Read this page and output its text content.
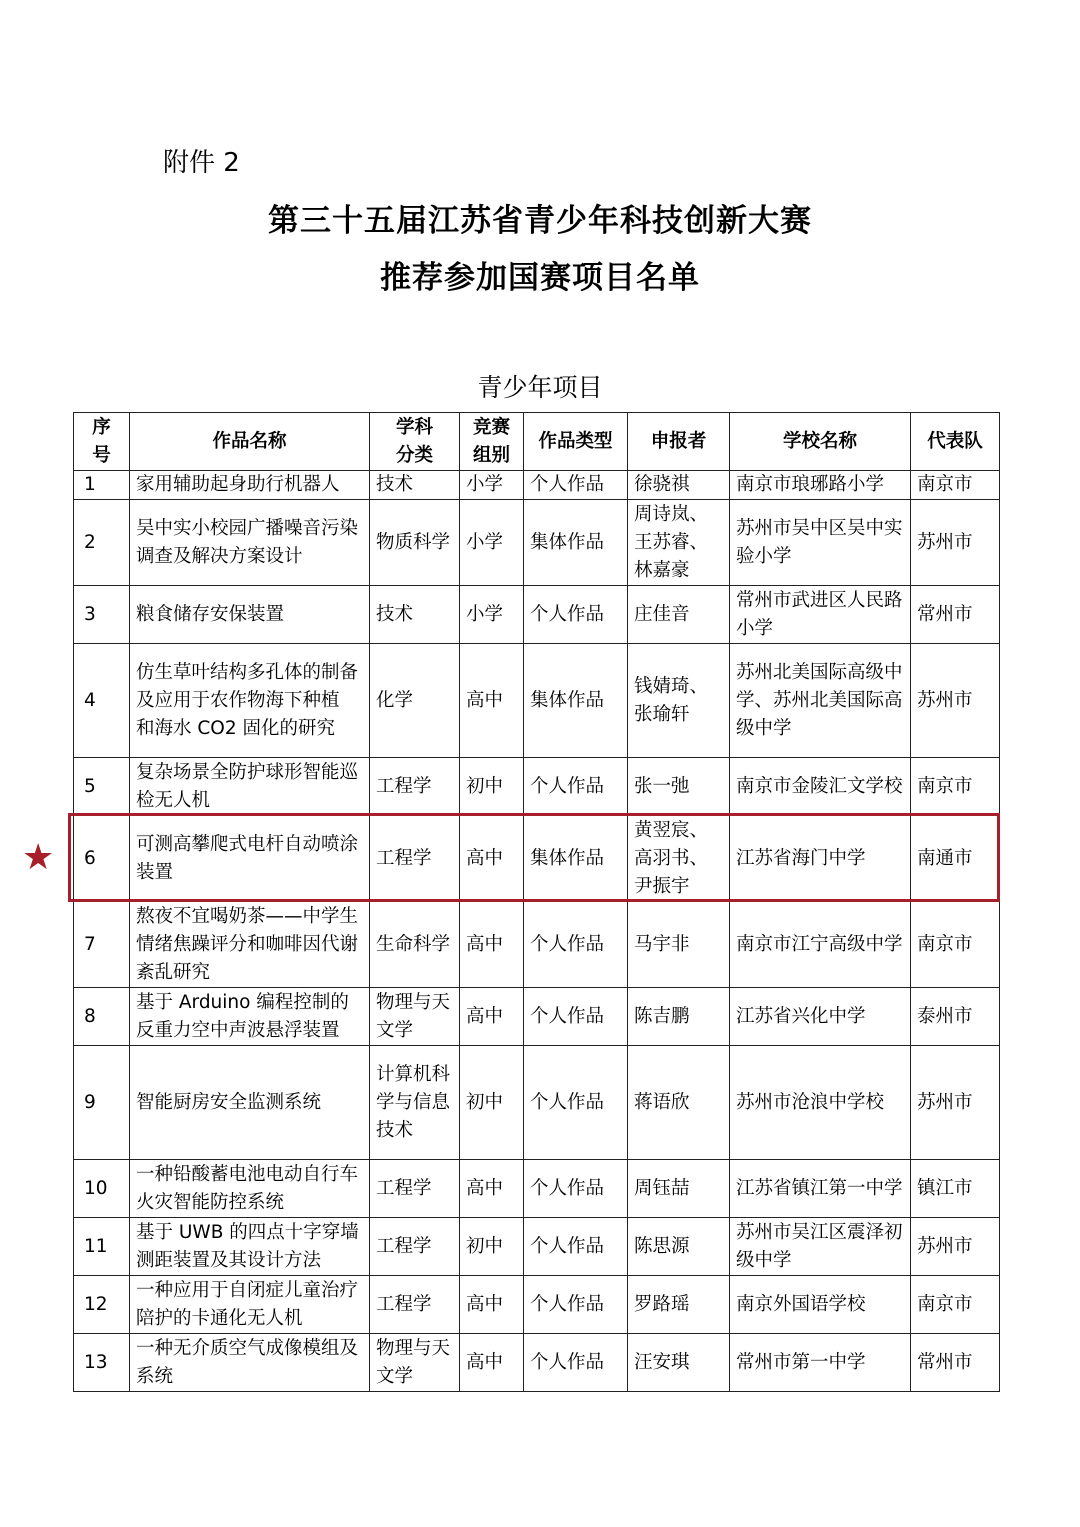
附件 2
第三十五届江苏省青少年科技创新大赛
推荐参加国赛项目名单
青少年项目
序号	作品名称	学科分类	竞赛组别	作品类型	申报者	学校名称	代表队
1	家用辅助起身助行机器人	技术	小学	个人作品	徐骁祺	南京市琅琊路小学	南京市
2	吴中实小校园广播噪音污染调查及解决方案设计	物质科学	小学	集体作品	周诗岚、王苏睿、林嘉豪	苏州市吴中区吴中实验小学	苏州市
3	粮食储存安保装置	技术	小学	个人作品	庄佳音	常州市武进区人民路小学	常州市
4	仿生草叶结构多孔体的制备及应用于农作物海下种植 和海水 CO2 固化的研究	化学	高中	集体作品	钱婧琦、张瑜轩	苏州北美国际高级中学、苏州北美国际高级中学	苏州市
5	复杂场景全防护球形智能巡检无人机	工程学	初中	个人作品	张一弛	南京市金陵汇文学校	南京市
6	可测高攀爬式电杆自动喷涂装置	工程学	高中	集体作品	黄翌宸、高羽书、尹振宇	江苏省海门中学	南通市
7	熬夜不宜喝奶茶——中学生情绪焦躁评分和咖啡因代谢紊乱研究	生命科学	高中	个人作品	马宇非	南京市江宁高级中学	南京市
8	基于 Arduino 编程控制的反重力空中声波悬浮装置	物理与天文学	高中	个人作品	陈吉鹏	江苏省兴化中学	泰州市
9	智能厨房安全监测系统	计算机科学与信息技术	初中	个人作品	蒋语欣	苏州市沧浪中学校	苏州市
10	一种铅酸蓄电池电动自行车火灾智能防控系统	工程学	高中	个人作品	周钰喆	江苏省镇江第一中学	镇江市
11	基于 UWB 的四点十字穿墙测距装置及其设计方法	工程学	初中	个人作品	陈思源	苏州市吴江区震泽初级中学	苏州市
12	一种应用于自闭症儿童治疗陪护的卡通化无人机	工程学	高中	个人作品	罗路瑶	南京外国语学校	南京市
13	一种无介质空气成像模组及系统	物理与天文学	高中	个人作品	汪安琪	常州市第一中学	常州市
★
